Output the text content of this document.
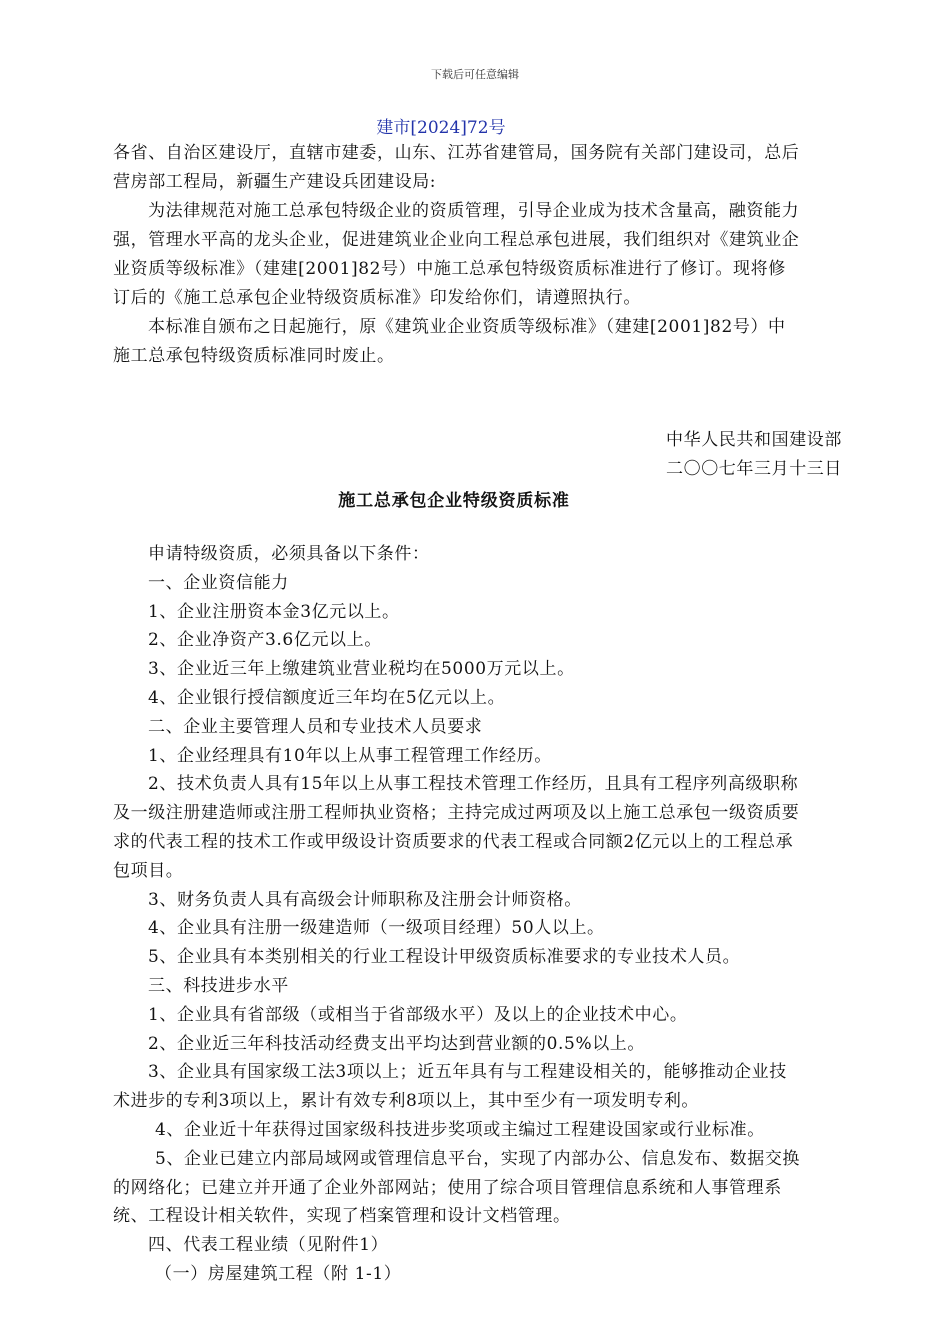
下载后可任意编辑
建市[2024]72号

各省、自治区建设厅，直辖市建委，山东、江苏省建管局，国务院有关部门建设司，总后营房部工程局，新疆生产建设兵团建设局:

为法律规范对施工总承包特级企业的资质管理，引导企业成为技术含量高，融资能力强，管理水平高的龙头企业，促进建筑业企业向工程总承包进展，我们组织对《建筑业企业资质等级标准》（建建[2001]82号）中施工总承包特级资质标准进行了修订。现将修订后的《施工总承包企业特级资质标准》印发给你们，请遵照执行。

本标准自颁布之日起施行，原《建筑业企业资质等级标准》（建建[2001]82号）中施工总承包特级资质标准同时废止。

中华人民共和国建设部

二〇〇七年三月十三日

施工总承包企业特级资质标准

申请特级资质，必须具备以下条件：

一、企业资信能力

1、企业注册资本金3亿元以上。

2、企业净资产3.6亿元以上。

3、企业近三年上缴建筑业营业税均在5000万元以上。

4、企业银行授信额度近三年均在5亿元以上。

二、企业主要管理人员和专业技术人员要求

1、企业经理具有10年以上从事工程管理工作经历。

2、技术负责人具有15年以上从事工程技术管理工作经历，且具有工程序列高级职称及一级注册建造师或注册工程师执业资格；主持完成过两项及以上施工总承包一级资质要求的代表工程的技术工作或甲级设计资质要求的代表工程或合同额2亿元以上的工程总承包项目。

3、财务负责人具有高级会计师职称及注册会计师资格。

4、企业具有注册一级建造师（一级项目经理）50人以上。

5、企业具有本类别相关的行业工程设计甲级资质标准要求的专业技术人员。

三、科技进步水平

1、企业具有省部级（或相当于省部级水平）及以上的企业技术中心。

2、企业近三年科技活动经费支出平均达到营业额的0.5%以上。

3、企业具有国家级工法3项以上；近五年具有与工程建设相关的，能够推动企业技术进步的专利3项以上，累计有效专利8项以上，其中至少有一项发明专利。

4、企业近十年获得过国家级科技进步奖项或主编过工程建设国家或行业标准。

5、企业已建立内部局域网或管理信息平台，实现了内部办公、信息发布、数据交换的网络化；已建立并开通了企业外部网站；使用了综合项目管理信息系统和人事管理系统、工程设计相关软件，实现了档案管理和设计文档管理。

四、代表工程业绩（见附件1）

（一）房屋建筑工程（附 1-1）
